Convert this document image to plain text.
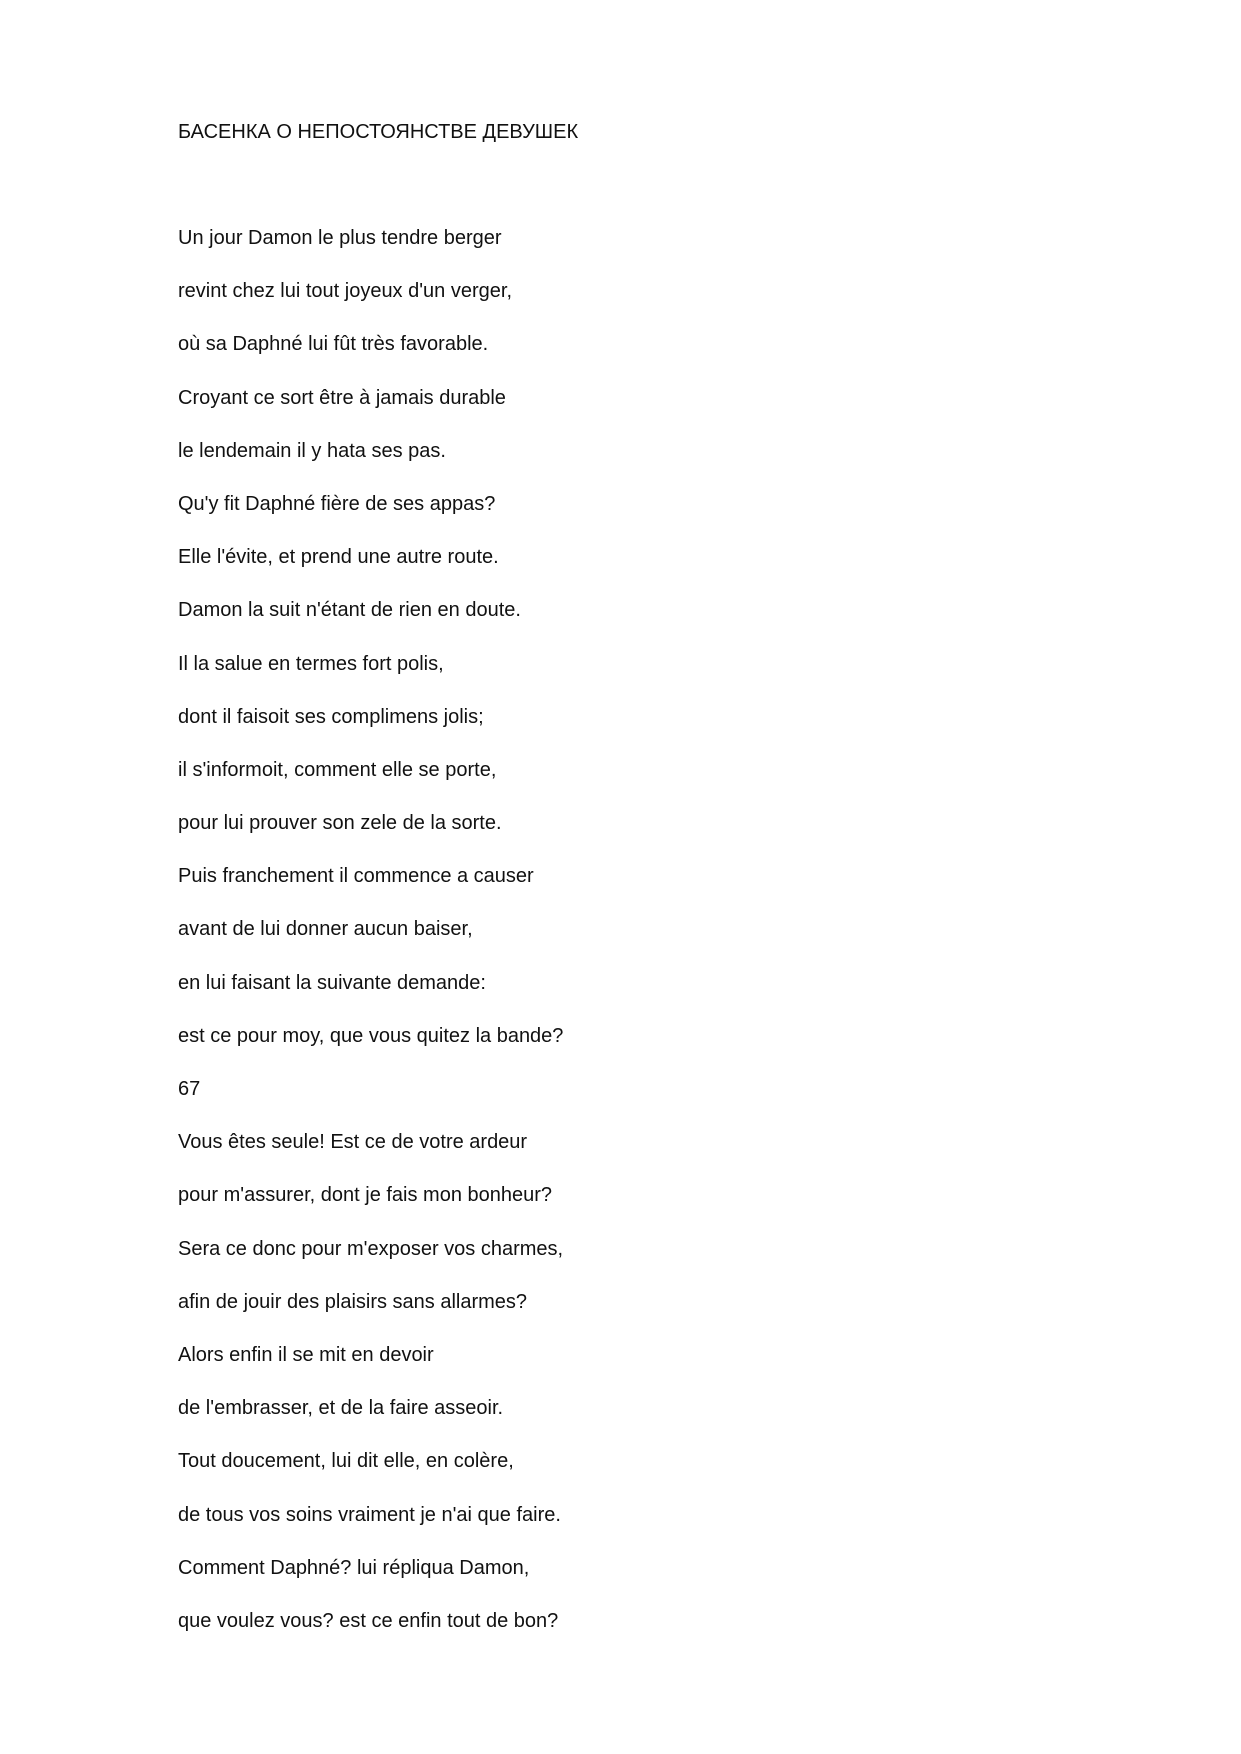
БАСЕНКА О НЕПОСТОЯНСТВЕ ДЕВУШЕК
Un jour Damon le plus tendre berger
revint chez lui tout joyeux d'un verger,
où sa Daphné lui fût très favorable.
Croyant ce sort être à jamais durable
le lendemain il y hata ses pas.
Qu'y fit Daphné fière de ses appas?
Elle l'évite, et prend une autre route.
Damon la suit n'étant de rien en doute.
Il la salue en termes fort polis,
dont il faisoit ses complimens jolis;
il s'informoit, comment elle se porte,
pour lui prouver son zele de la sorte.
Puis franchement il commence a causer
avant de lui donner aucun baiser,
en lui faisant la suivante demande:
est ce pour moy, que vous quitez la bande?
67
Vous êtes seule! Est ce de votre ardeur
pour m'assurer, dont je fais mon bonheur?
Sera ce donc pour m'exposer vos charmes,
afin de jouir des plaisirs sans allarmes?
Alors enfin il se mit en devoir
de l'embrasser, et de la faire asseoir.
Tout doucement, lui dit elle, en colère,
de tous vos soins vraiment je n'ai que faire.
Comment Daphné? lui répliqua Damon,
que voulez vous? est ce enfin tout de bon?
